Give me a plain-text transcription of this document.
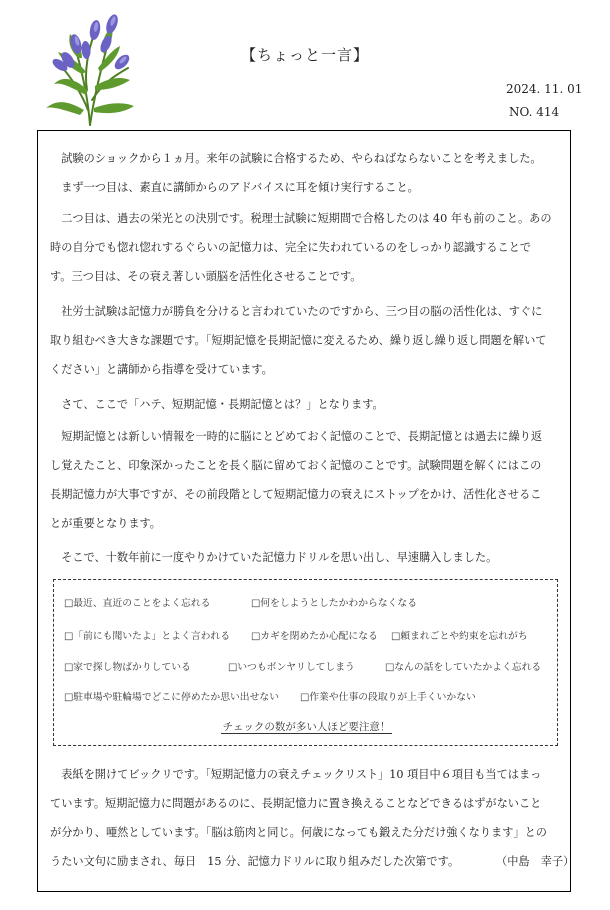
【ちょっと一言】
2024. 11. 01
NO. 414
　試験のショックから１ヵ月。来年の試験に合格するため、やらねばならないことを考えました。
　まず一つ目は、素直に講師からのアドバイスに耳を傾け実行すること。
　二つ目は、過去の栄光との決別です。税理士試験に短期間で合格したのは 40 年も前のこと。あの
時の自分でも惚れ惚れするぐらいの記憶力は、完全に失われているのをしっかり認識することで
す。三つ目は、その衰え著しい頭脳を活性化させることです。
　社労士試験は記憶力が勝負を分けると言われていたのですから、三つ目の脳の活性化は、すぐに
取り組むべき大きな課題です。「短期記憶を長期記憶に変えるため、繰り返し繰り返し問題を解いて
ください」と講師から指導を受けています。
　さて、ここで「ハテ、短期記憶・長期記憶とは？」となります。
　短期記憶とは新しい情報を一時的に脳にとどめておく記憶のことで、長期記憶とは過去に繰り返
し覚えたこと、印象深かったことを長く脳に留めておく記憶のことです。試験問題を解くにはこの
長期記憶力が大事ですが、その前段階として短期記憶力の衰えにストップをかけ、活性化させるこ
とが重要となります。
　そこで、十数年前に一度やりかけていた記憶力ドリルを思い出し、早速購入しました。
□最近、直近のことをよく忘れる	□何をしようとしたかわからなくなる
□「前にも聞いたよ」とよく言われる □カギを閉めたか心配になる □頼まれごとや約束を忘れがち
□家で探し物ばかりしている	□いつもボンヤリしてしまう	□なんの話をしていたかよく忘れる
□駐車場や駐輪場でどこに停めたか思い出せない □作業や仕事の段取りが上手くいかない
チェックの数が多い人ほど要注意！
　表紙を開けてビックリです。「短期記憶力の衰えチェックリスト」10 項目中６項目も当てはまっ
ています。短期記憶力に問題があるのに、長期記憶力に置き換えることなどできるはずがないこと
が分かり、唖然としています。「脳は筋肉と同じ。何歳になっても鍛えた分だけ強くなります」との
うたい文句に励まされ、毎日　15 分、記憶力ドリルに取り組みだした次第です。	（中島　幸子）
